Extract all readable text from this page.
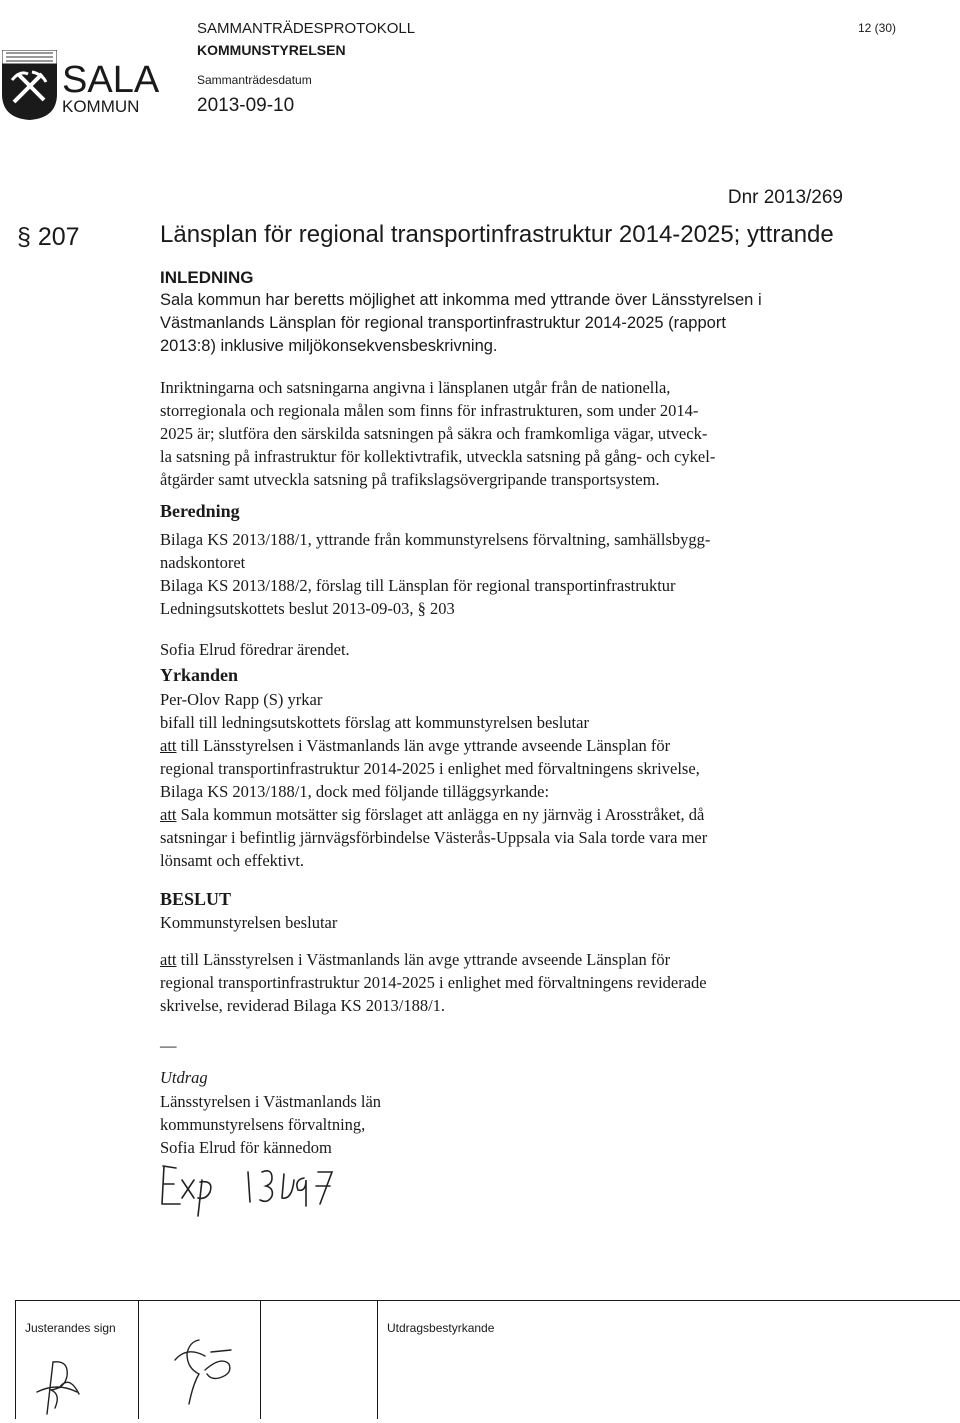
SALA
KOMMUN
SAMMANTRÄDESPROTOKOLL
KOMMUNSTYRELSEN
Sammanträdesdatum
2013-09-10
12 (30)
Dnr 2013/269
§ 207	Länsplan för regional transportinfrastruktur 2014-2025; yttrande
INLEDNING
Sala kommun har beretts möjlighet att inkomma med yttrande över Länsstyrelsen i
Västmanlands Länsplan för regional transportinfrastruktur 2014-2025 (rapport
2013:8) inklusive miljökonsekvensbeskrivning.
Inriktningarna och satsningarna angivna i länsplanen utgår från de nationella,
storregionala och regionala målen som finns för infrastrukturen, som under 2014-
2025 är; slutföra den särskilda satsningen på säkra och framkomliga vägar, utveck-
la satsning på infrastruktur för kollektivtrafik, utveckla satsning på gång- och cykel-
åtgärder samt utveckla satsning på trafikslagsövergripande transportsystem.
Beredning
Bilaga KS 2013/188/1, yttrande från kommunstyrelsens förvaltning, samhällsbygg-
nadskontoret
Bilaga KS 2013/188/2, förslag till Länsplan för regional transportinfrastruktur
Ledningsutskottets beslut 2013-09-03, § 203
Sofia Elrud föredrar ärendet.
Yrkanden
Per-Olov Rapp (S) yrkar
bifall till ledningsutskottets förslag att kommunstyrelsen beslutar
att till Länsstyrelsen i Västmanlands län avge yttrande avseende Länsplan för
regional transportinfrastruktur 2014-2025 i enlighet med förvaltningens skrivelse,
Bilaga KS 2013/188/1, dock med följande tilläggsyrkande:
att Sala kommun motsätter sig förslaget att anlägga en ny järnväg i Arosstråket, då
satsningar i befintlig järnvägsförbindelse Västerås-Uppsala via Sala torde vara mer
lönsamt och effektivt.
BESLUT
Kommunstyrelsen beslutar
att till Länsstyrelsen i Västmanlands län avge yttrande avseende Länsplan för
regional transportinfrastruktur 2014-2025 i enlighet med förvaltningens reviderade
skrivelse, reviderad Bilaga KS 2013/188/1.
—
Utdrag
Länsstyrelsen i Västmanlands län
kommunstyrelsens förvaltning,
Sofia Elrud för kännedom
Justerandes sign	Utdragsbestyrkande
